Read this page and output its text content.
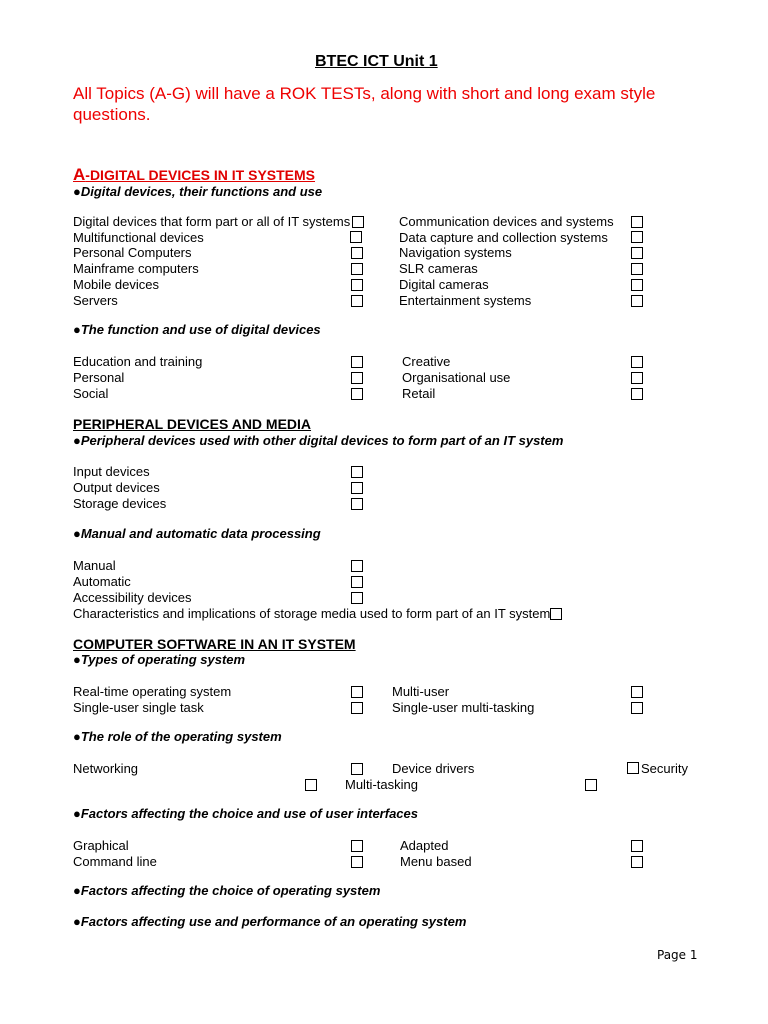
BTEC ICT Unit 1
All Topics (A-G) will have a ROK TESTs, along with short and long exam style questions.
A-DIGITAL DEVICES IN IT SYSTEMS
●Digital devices, their functions and use
Digital devices that form part or all of IT systems
Multifunctional devices
Personal Computers
Mainframe computers
Mobile devices
Servers
Communication devices and systems
Data capture and collection systems
Navigation systems
SLR cameras
Digital cameras
Entertainment systems
●The function and use of digital devices
Education and training
Personal
Social
Creative
Organisational use
Retail
PERIPHERAL DEVICES AND MEDIA
●Peripheral devices used with other digital devices to form part of an IT system
Input devices
Output devices
Storage devices
●Manual and automatic data processing
Manual
Automatic
Accessibility devices
Characteristics and implications of storage media used to form part of an IT system
COMPUTER SOFTWARE IN AN IT SYSTEM
●Types of operating system
Real-time operating system
Single-user single task
Multi-user
Single-user multi-tasking
●The role of the operating system
Networking	Device drivers	Security
Multi-tasking
●Factors affecting the choice and use of user interfaces
Graphical
Command line
Adapted
Menu based
●Factors affecting the choice of operating system
●Factors affecting use and performance of an operating system
Page 1
